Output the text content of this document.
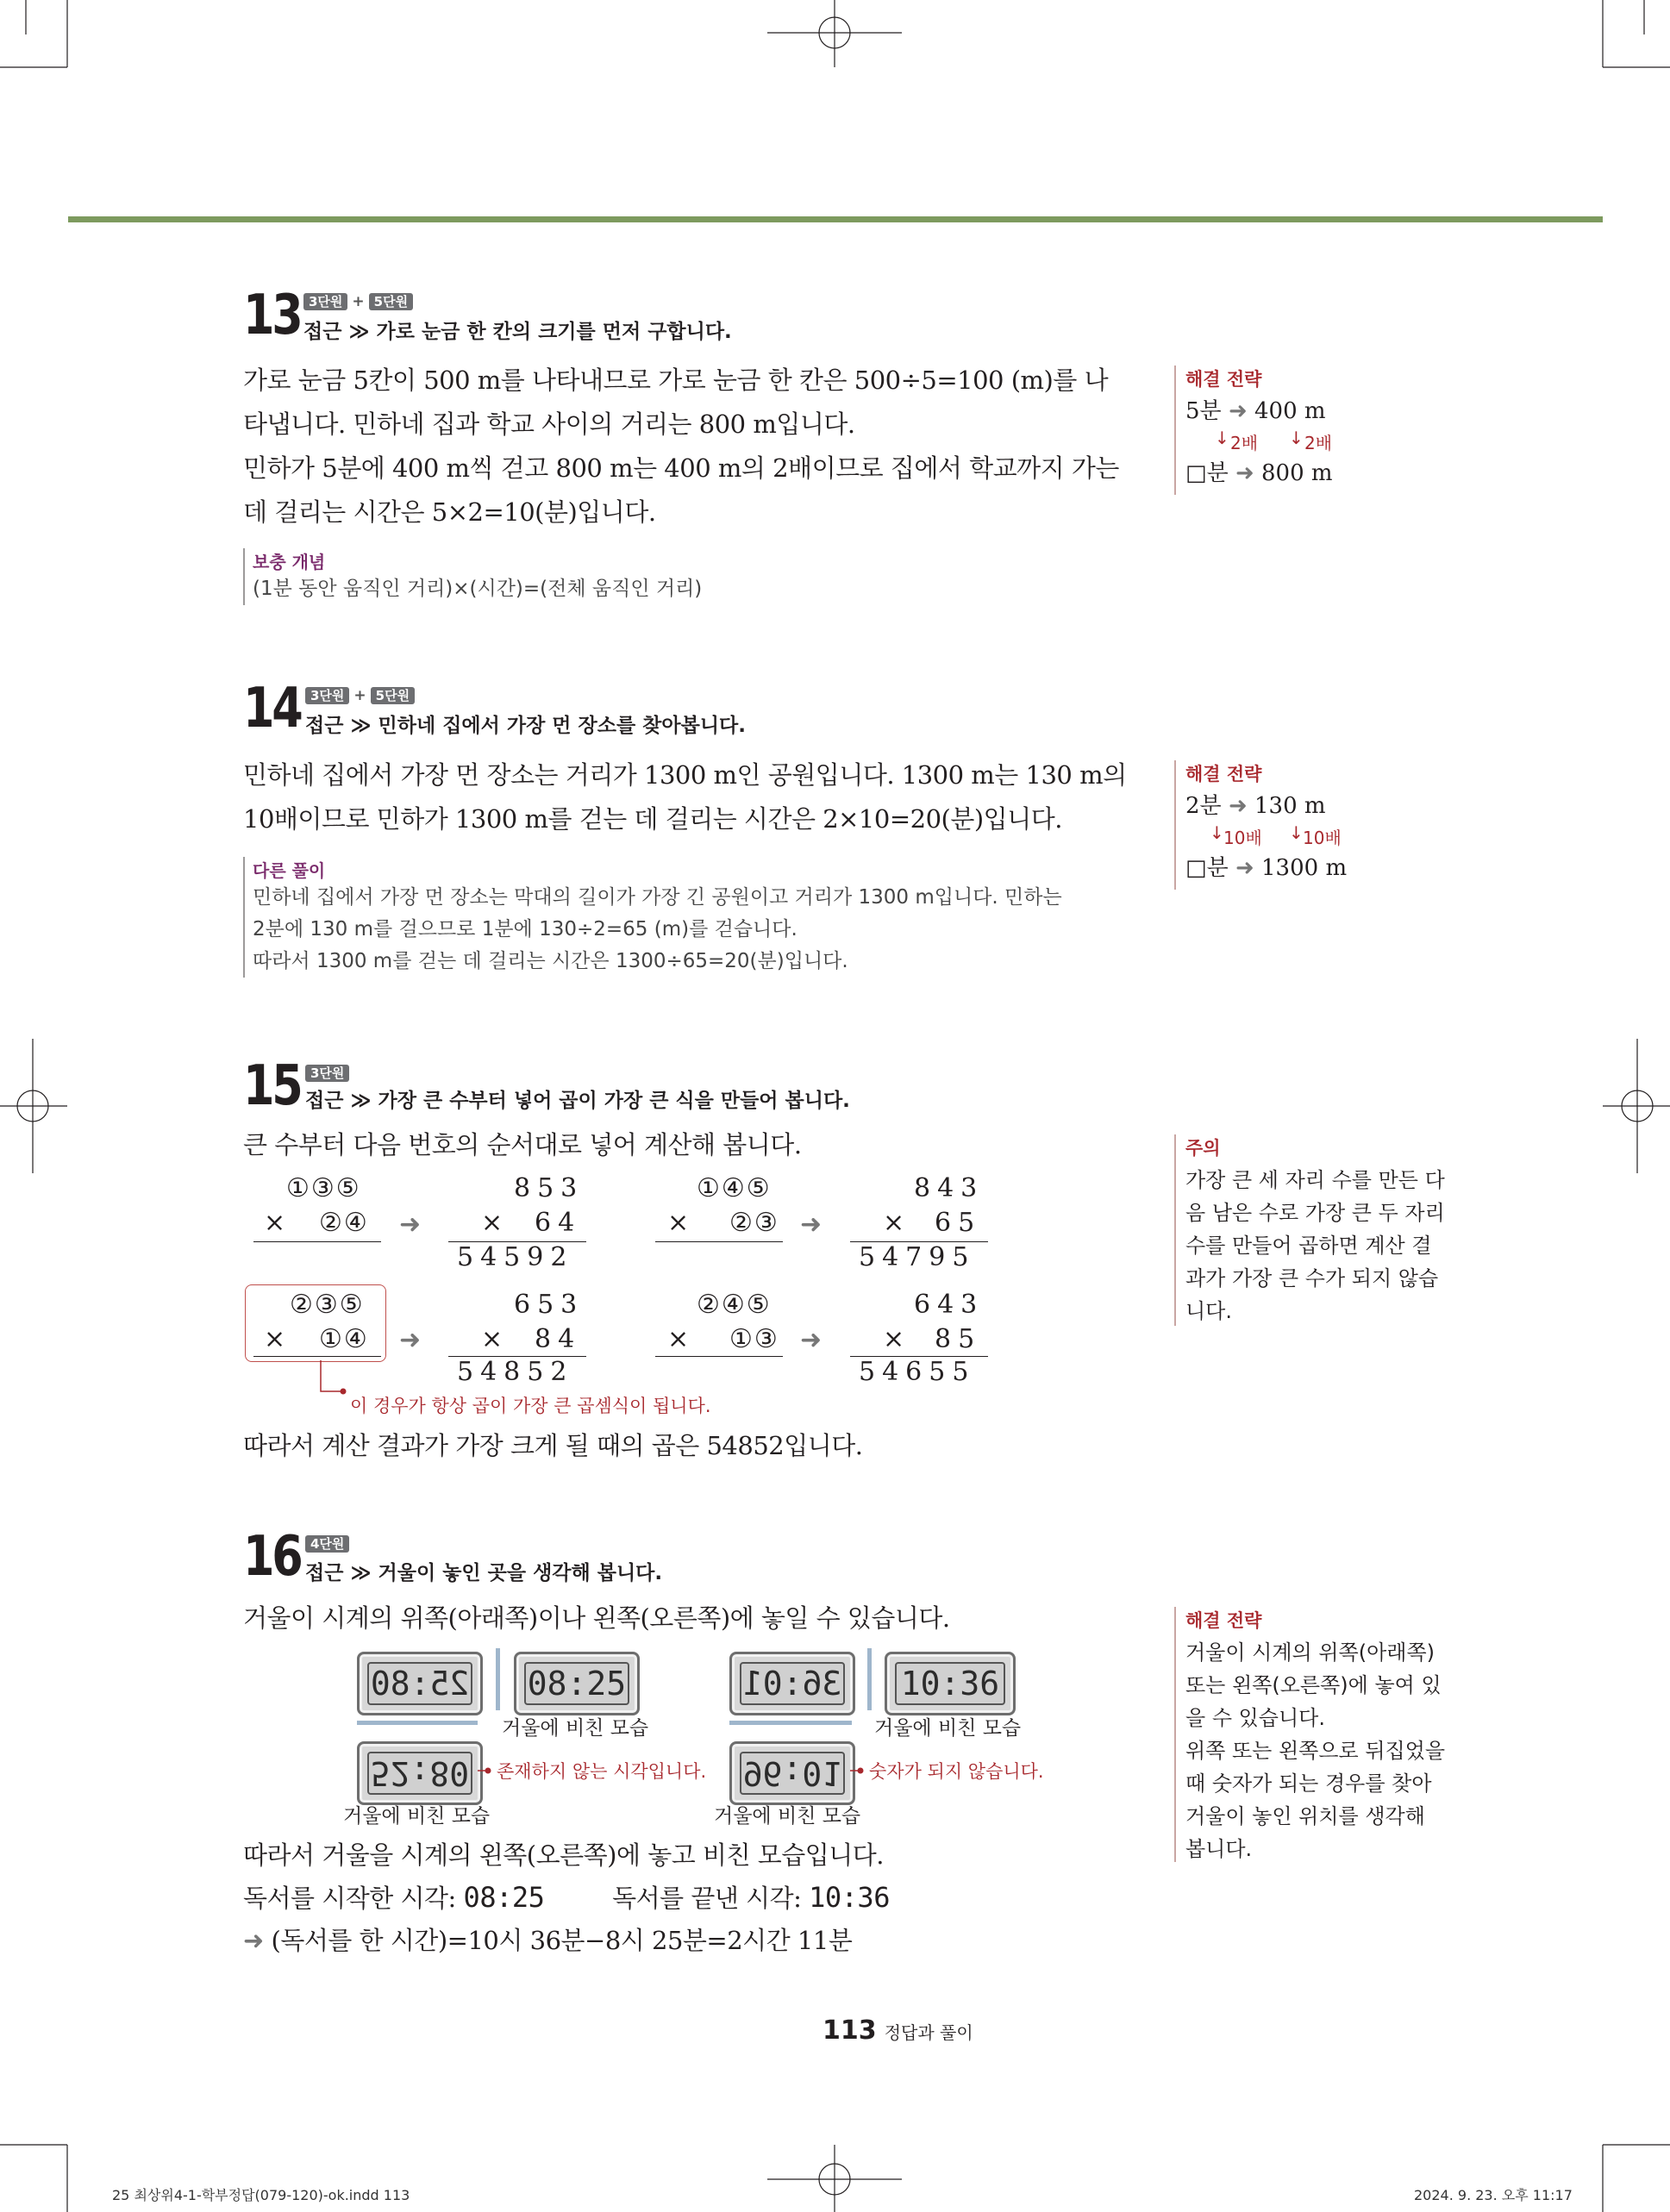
13 3단원 + 5단원
접근 ≫ 가로 눈금 한 칸의 크기를 먼저 구합니다.
가로 눈금 5칸이 500 m를 나타내므로 가로 눈금 한 칸은 500÷5=100 (m)를 나
타냅니다. 민하네 집과 학교 사이의 거리는 800 m입니다.
민하가 5분에 400 m씩 걷고 800 m는 400 m의 2배이므로 집에서 학교까지 가는
데 걸리는 시간은 5×2=10(분)입니다.
보충 개념
(1분 동안 움직인 거리)×(시간)=(전체 움직인 거리)
해결 전략
5분 ➜ 400 m
↓ 2배 ↓ 2배
□분 ➜ 800 m
14 3단원 + 5단원
접근 ≫ 민하네 집에서 가장 먼 장소를 찾아봅니다.
민하네 집에서 가장 먼 장소는 거리가 1300 m인 공원입니다. 1300 m는 130 m의
10배이므로 민하가 1300 m를 걷는 데 걸리는 시간은 2×10=20(분)입니다.
다른 풀이
민하네 집에서 가장 먼 장소는 막대의 길이가 가장 긴 공원이고 거리가 1300 m입니다. 민하는
2분에 130 m를 걸으므로 1분에 130÷2=65 (m)를 걷습니다.
따라서 1300 m를 걷는 데 걸리는 시간은 1300÷65=20(분)입니다.
해결 전략
2분 ➜ 130 m
↓ 10배 ↓ 10배
□분 ➜ 1300 m
15 3단원
접근 ≫ 가장 큰 수부터 넣어 곱이 가장 큰 식을 만들어 봅니다.
큰 수부터 다음 번호의 순서대로 넣어 계산해 봅니다.
①③⑤
× ②④ ➜
853
× 64
54592
①④⑤
× ②③ ➜
843
× 65
54795
②③⑤
× ①④ ➜
653
× 84
54852
②④⑤
× ①③ ➜
643
× 85
54655
이 경우가 항상 곱이 가장 큰 곱셈식이 됩니다.
따라서 계산 결과가 가장 크게 될 때의 곱은 54852입니다.
주의
가장 큰 세 자리 수를 만든 다
음 남은 수로 가장 큰 두 자리
수를 만들어 곱하면 계산 결
과가 가장 큰 수가 되지 않습
니다.
16 4단원
접근 ≫ 거울이 놓인 곳을 생각해 봅니다.
거울이 시계의 위쪽(아래쪽)이나 왼쪽(오른쪽)에 놓일 수 있습니다.
25:80 08:25
거울에 비친 모습
52:80 존재하지 않는 시각입니다.
거울에 비친 모습
36:01 10:36
거울에 비친 모습
96:01 숫자가 되지 않습니다.
거울에 비친 모습
따라서 거울을 시계의 왼쪽(오른쪽)에 놓고 비친 모습입니다.
독서를 시작한 시각: 08:25	독서를 끝낸 시각: 10:36
➜ (독서를 한 시간)=10시 36분−8시 25분=2시간 11분
해결 전략
거울이 시계의 위쪽(아래쪽)
또는 왼쪽(오른쪽)에 놓여 있
을 수 있습니다.
위쪽 또는 왼쪽으로 뒤집었을
때 숫자가 되는 경우를 찾아
거울이 놓인 위치를 생각해
봅니다.
113 정답과 풀이
25 최상위4-1-학부정답(079-120)-ok.indd 113	2024. 9. 23. 오후 11:17
